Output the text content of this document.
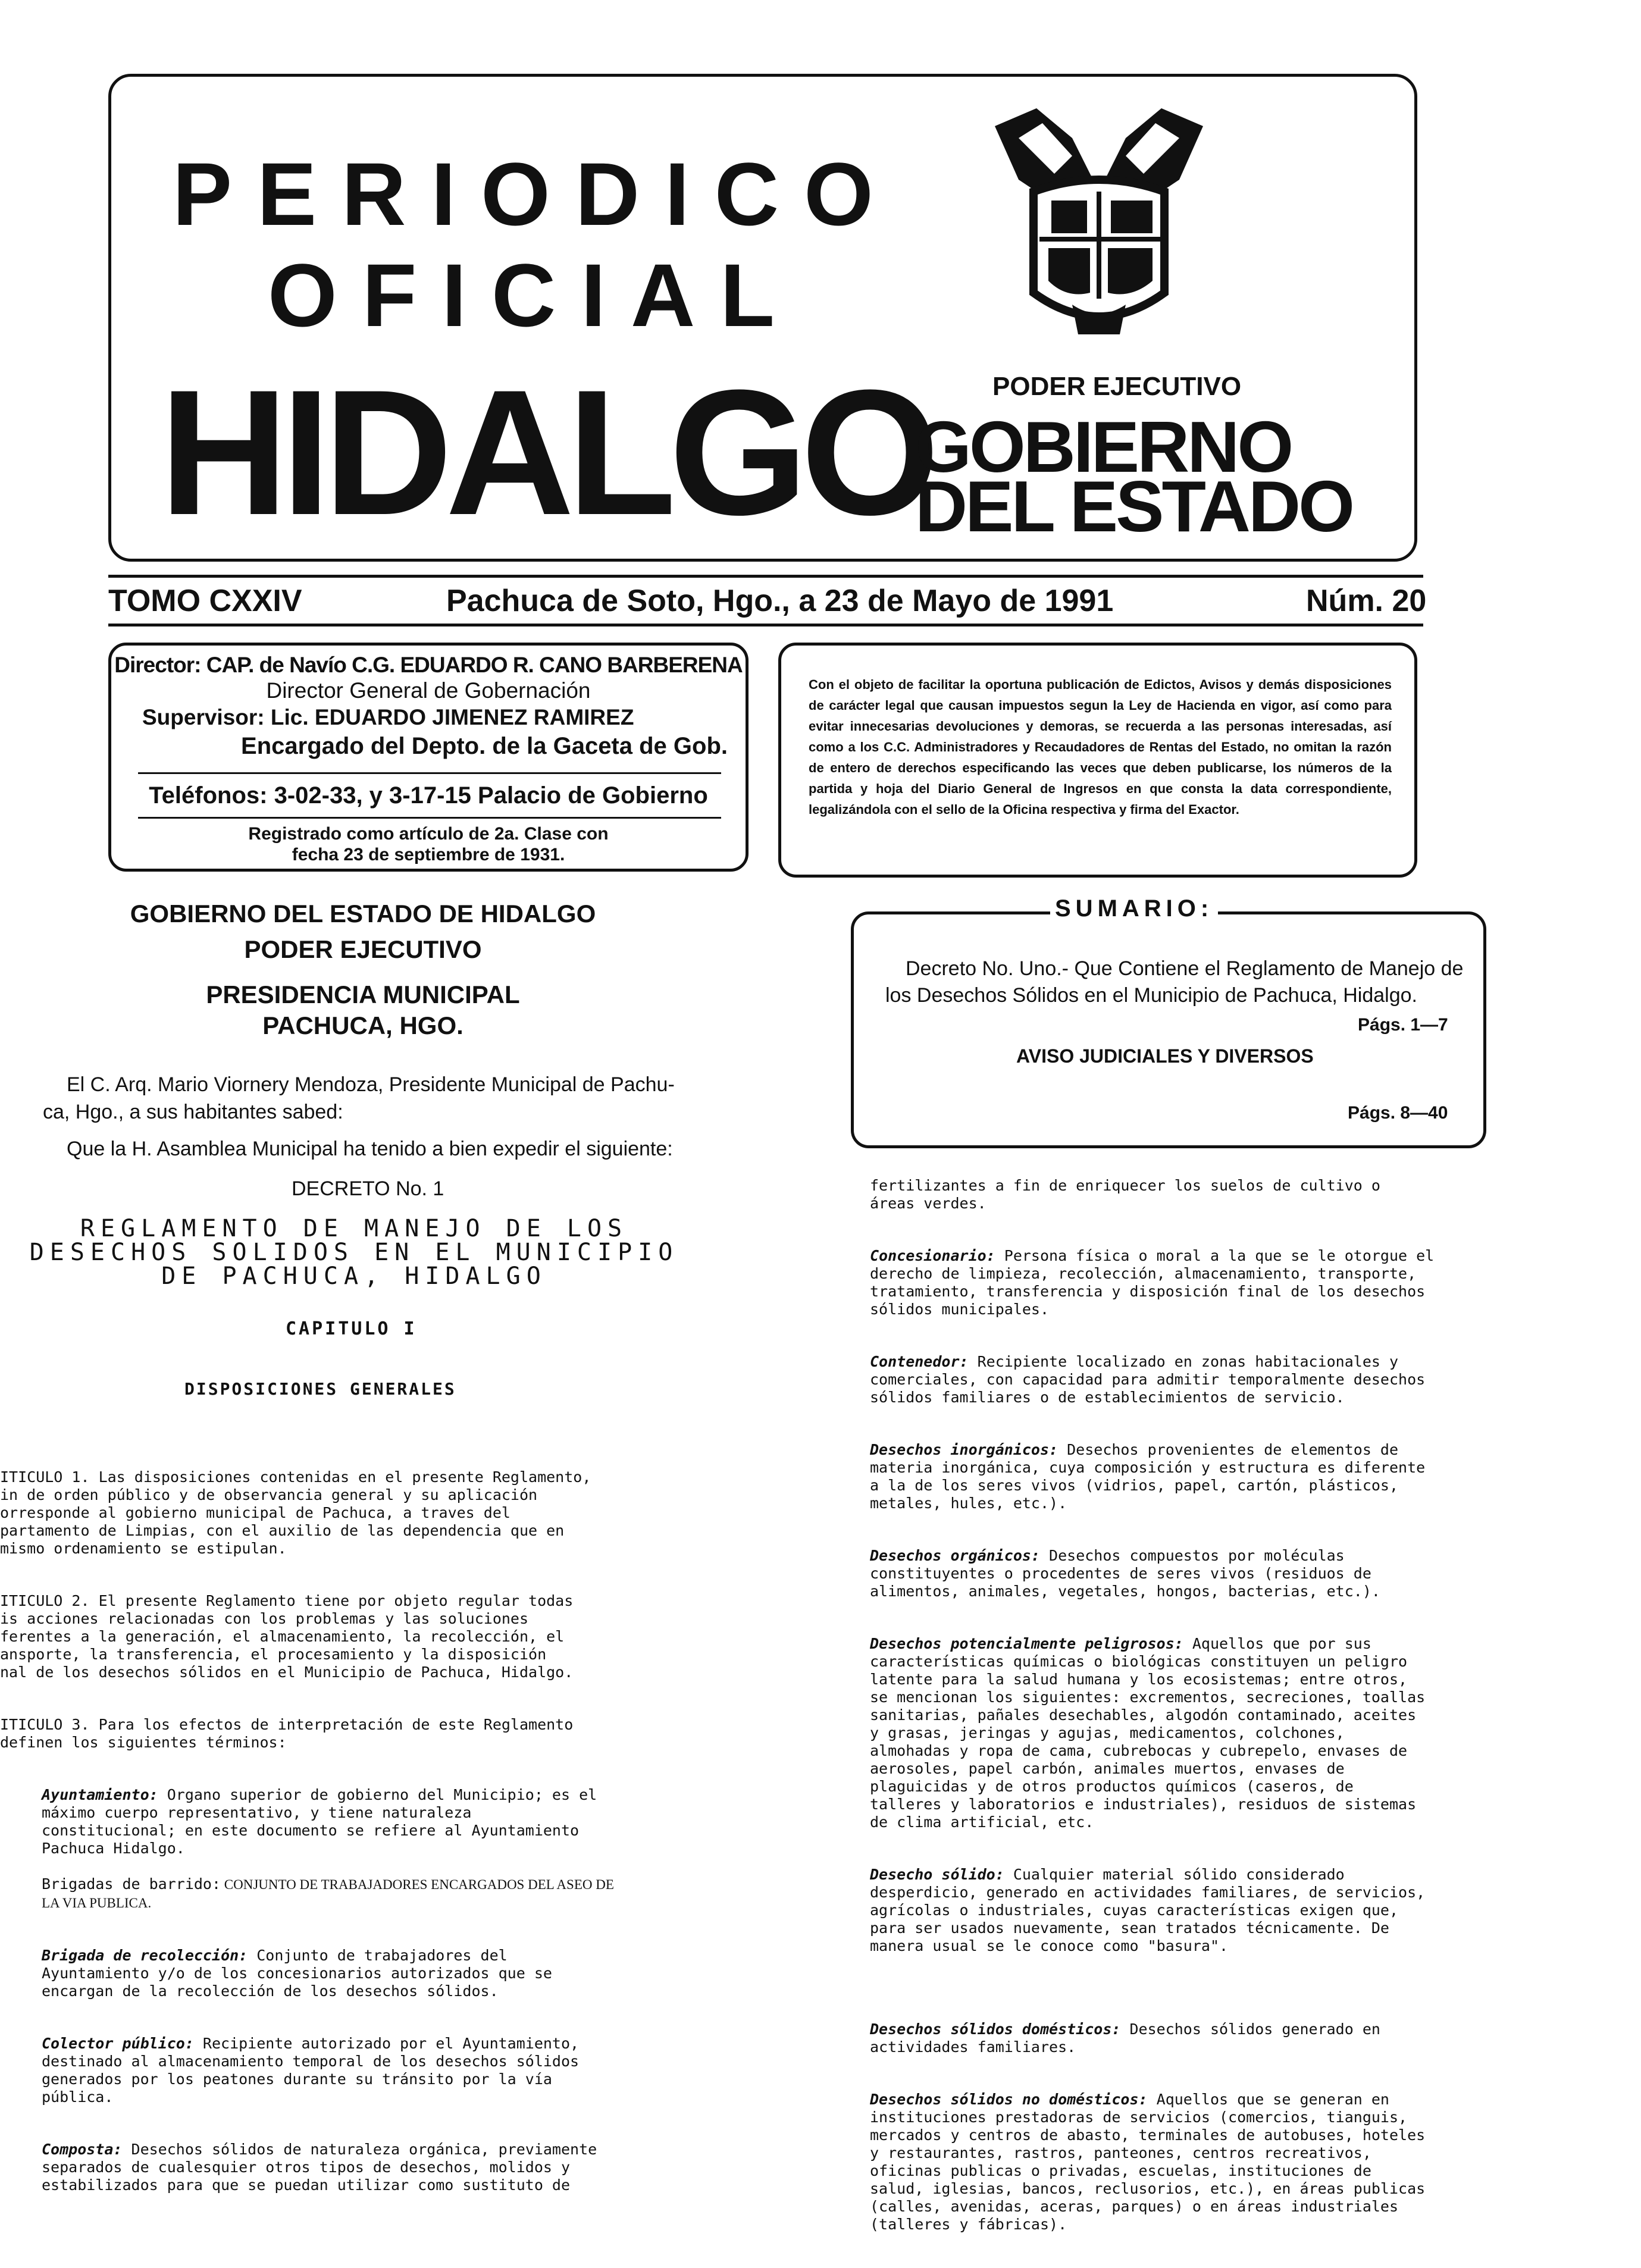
PERIODICO
OFICIAL
HIDALGO PODER EJECUTIVO
GOBIERNO
DEL ESTADO
TOMO CXXIV	Pachuca de Soto, Hgo., a 23 de Mayo de 1991	Núm. 20
Director: CAP. de Navío C.G. EDUARDO R. CANO BARBERENA
Director General de Gobernación
Supervisor: Lic. EDUARDO JIMENEZ RAMIREZ
Encargado del Depto. de la Gaceta de Gob.
Teléfonos: 3-02-33, y 3-17-15 Palacio de Gobierno
Registrado como artículo de 2a. Clase con
fecha 23 de septiembre de 1931.
Con el objeto de facilitar la oportuna publicación de Edictos, Avisos y demás disposiciones de carácter legal que causan impuestos segun la Ley de Hacienda en vigor, así como para evitar innecesarias devoluciones y demoras, se recuerda a las personas interesadas, así como a los C.C. Administradores y Recaudadores de Rentas del Estado, no omitan la razón de entero de derechos especificando las veces que deben publicarse, los números de la partida y hoja del Diario General de Ingresos en que consta la data correspondiente, legalizándola con el sello de la Oficina respectiva y firma del Exactor.
GOBIERNO DEL ESTADO DE HIDALGO
PODER EJECUTIVO
PRESIDENCIA MUNICIPAL
PACHUCA, HGO.
El C. Arq. Mario Viornery Mendoza, Presidente Municipal de Pachu-
ca, Hgo., a sus habitantes sabed:
Que la H. Asamblea Municipal ha tenido a bien expedir el siguiente:
DECRETO No. 1
REGLAMENTO DE MANEJO DE LOS
DESECHOS SOLIDOS EN EL MUNICIPIO
DE PACHUCA, HIDALGO
CAPITULO I
DISPOSICIONES GENERALES
SUMARIO:
Decreto No. Uno.- Que Contiene el Reglamento de Manejo de
los Desechos Sólidos en el Municipio de Pachuca, Hidalgo.
Págs. 1—7
AVISO JUDICIALES Y DIVERSOS
Págs. 8—40

ITICULO 1. Las disposiciones contenidas en el presente Reglamento,
in de orden público y de observancia general y su aplicación
orresponde al gobierno municipal de Pachuca, a traves del
partamento de Limpias, con el auxilio de las dependencia que en
mismo ordenamiento se estipulan.

ITICULO 2. El presente Reglamento tiene por objeto regular todas
is acciones relacionadas con los problemas y las soluciones
ferentes a la generación, el almacenamiento, la recolección, el
ansporte, la transferencia, el procesamiento y la disposición
nal de los desechos sólidos en el Municipio de Pachuca, Hidalgo.

ITICULO 3. Para los efectos de interpretación de este Reglamento
definen los siguientes términos:

Ayuntamiento: Organo superior de gobierno del Municipio; es el
máximo cuerpo representativo, y tiene naturaleza
constitucional; en este documento se refiere al Ayuntamiento
Pachuca Hidalgo.

Brigadas de barrido: CONJUNTO DE TRABAJADORES ENCARGADOS DEL ASEO DE
LA VIA PUBLICA.

Brigada de recolección: Conjunto de trabajadores del
Ayuntamiento y/o de los concesionarios autorizados que se
encargan de la recolección de los desechos sólidos.

Colector público: Recipiente autorizado por el Ayuntamiento,
destinado al almacenamiento temporal de los desechos sólidos
generados por los peatones durante su tránsito por la vía
pública.

Composta: Desechos sólidos de naturaleza orgánica, previamente
separados de cualesquier otros tipos de desechos, molidos y
estabilizados para que se puedan utilizar como sustituto de

fertilizantes a fin de enriquecer los suelos de cultivo o
áreas verdes.

Concesionario: Persona física o moral a la que se le otorgue el
derecho de limpieza, recolección, almacenamiento, transporte,
tratamiento, transferencia y disposición final de los desechos
sólidos municipales.

Contenedor: Recipiente localizado en zonas habitacionales y
comerciales, con capacidad para admitir temporalmente desechos
sólidos familiares o de establecimientos de servicio.

Desechos inorgánicos: Desechos provenientes de elementos de
materia inorgánica, cuya composición y estructura es diferente
a la de los seres vivos (vidrios, papel, cartón, plásticos,
metales, hules, etc.).

Desechos orgánicos: Desechos compuestos por moléculas
constituyentes o procedentes de seres vivos (residuos de
alimentos, animales, vegetales, hongos, bacterias, etc.).

Desechos potencialmente peligrosos: Aquellos que por sus
características químicas o biológicas constituyen un peligro
latente para la salud humana y los ecosistemas; entre otros,
se mencionan los siguientes: excrementos, secreciones, toallas
sanitarias, pañales desechables, algodón contaminado, aceites
y grasas, jeringas y agujas, medicamentos, colchones,
almohadas y ropa de cama, cubrebocas y cubrepelo, envases de
aerosoles, papel carbón, animales muertos, envases de
plaguicidas y de otros productos químicos (caseros, de
talleres y laboratorios e industriales), residuos de sistemas
de clima artificial, etc.

Desecho sólido: Cualquier material sólido considerado
desperdicio, generado en actividades familiares, de servicios,
agrícolas o industriales, cuyas características exigen que,
para ser usados nuevamente, sean tratados técnicamente. De
manera usual se le conoce como "basura".

Desechos sólidos domésticos: Desechos sólidos generado en
actividades familiares.

Desechos sólidos no domésticos: Aquellos que se generan en
instituciones prestadoras de servicios (comercios, tianguis,
mercados y centros de abasto, terminales de autobuses, hoteles
y restaurantes, rastros, panteones, centros recreativos,
oficinas publicas o privadas, escuelas, instituciones de
salud, iglesias, bancos, reclusorios, etc.), en áreas publicas
(calles, avenidas, aceras, parques) o en áreas industriales
(talleres y fábricas).
